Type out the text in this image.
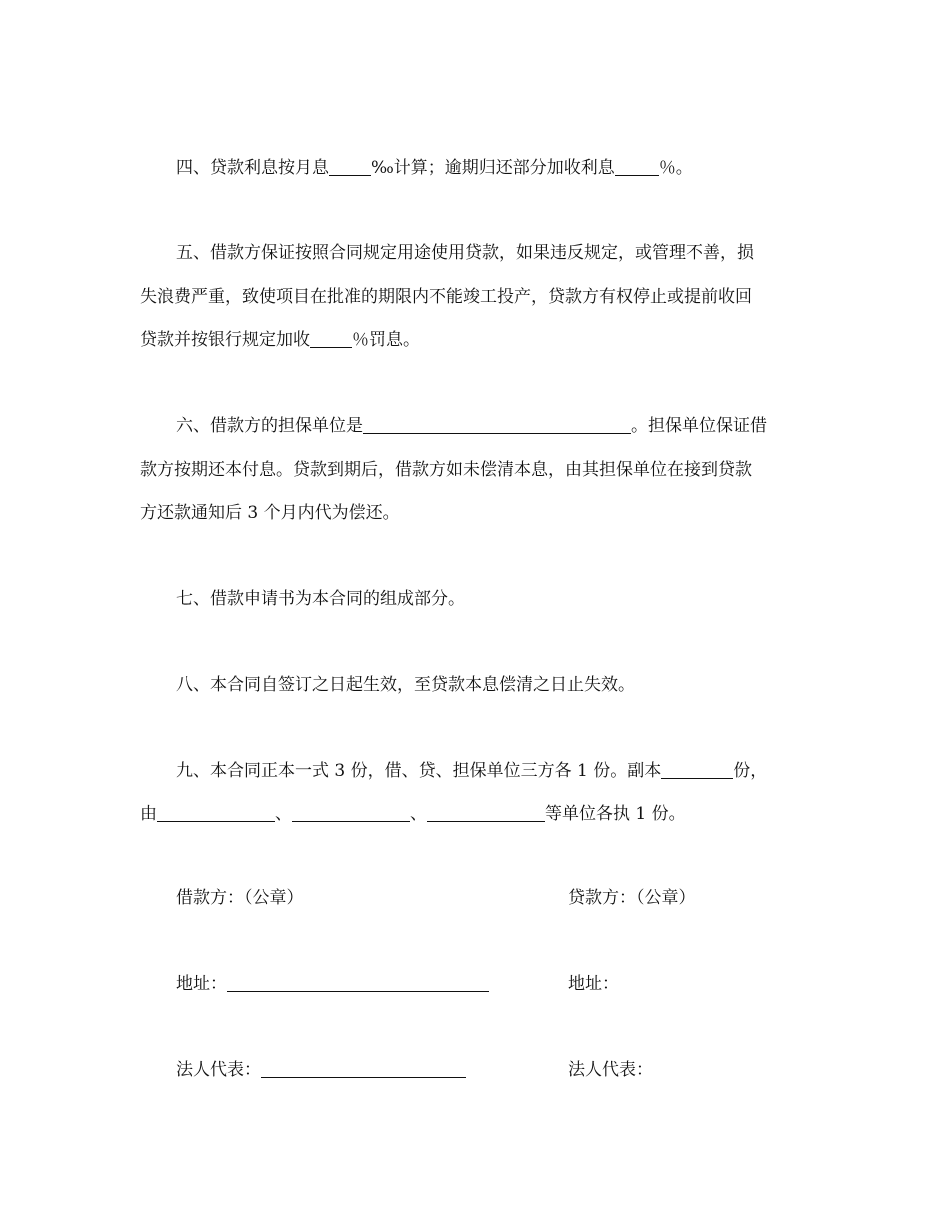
四、贷款利息按月息 ‰计算；逾期归还部分加收利息	％。
五、借款方保证按照合同规定用途使用贷款，如果违反规定，或管理不善，损
失浪费严重，致使项目在批准的期限内不能竣工投产，贷款方有权停止或提前收回
贷款并按银行规定加收 ％罚息。
六、借款方的担保单位是	。担保单位保证借
款方按期还本付息。贷款到期后，借款方如未偿清本息，由其担保单位在接到贷款
方还款通知后 3 个月内代为偿还。
七、借款申请书为本合同的组成部分。
八、本合同自签订之日起生效，至贷款本息偿清之日止失效。
九、本合同正本一式 3 份，借、贷、担保单位三方各 1 份。副本	份，
由	、	、	等单位各执 1 份。
借款方：（公章）
地址：
法人代表：
贷款方：（公章）
地址：
法人代表：
